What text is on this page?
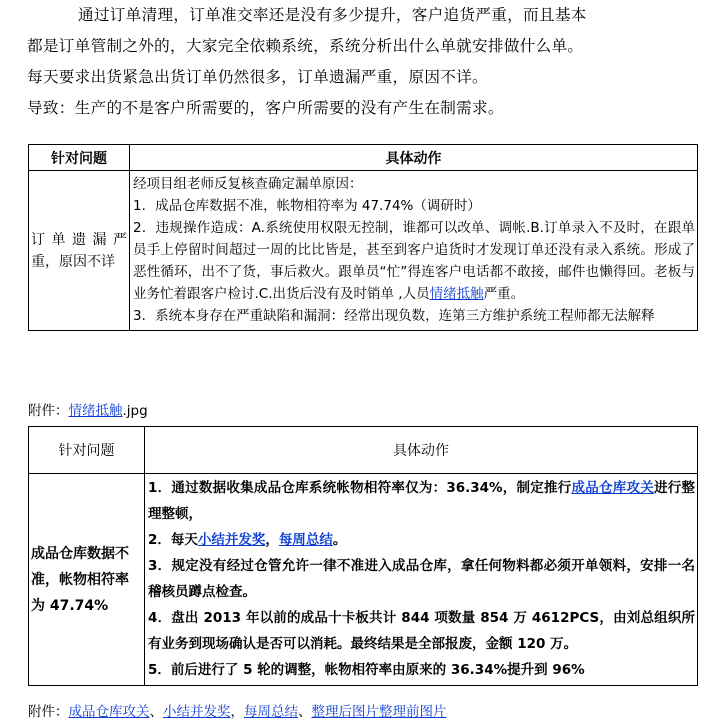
通过订单清理，订单准交率还是没有多少提升，客户追货严重，而且基本

都是订单管制之外的，大家完全依赖系统，系统分析出什么单就安排做什么单。

每天要求出货紧急出货订单仍然很多，订单遗漏严重，原因不详。

导致：生产的不是客户所需要的，客户所需要的没有产生在制需求。

针对问题	具体动作
订单遗漏严重，原因不详	经项目组老师反复核查确定漏单原因：
1．成品仓库数据不准，帐物相符率为 47.74%（调研时）
2．违规操作造成：A.系统使用权限无控制，谁都可以改单、调帐.B.订单录入不及时，在跟单员手上停留时间超过一周的比比皆是，甚至到客户追货时才发现订单还没有录入系统。形成了恶性循环，出不了货，事后救火。跟单员“忙”得连客户电话都不敢接，邮件也懒得回。老板与业务忙着跟客户检讨.C.出货后没有及时销单 ,人员情绪抵触严重。
3．系统本身存在严重缺陷和漏洞：经常出现负数，连第三方维护系统工程师都无法解释
附件：情绪抵触.jpg
针对问题	具体动作
成品仓库数据不准，帐物相符率为 47.74%	1．通过数据收集成品仓库系统帐物相符率仅为：36.34%，制定推行成品仓库攻关进行整理整顿，
2．每天小结并发奖，每周总结。
3．规定没有经过仓管允许一律不准进入成品仓库，拿任何物料都必须开单领料，安排一名稽核员蹲点检查。
4．盘出 2013 年以前的成品十卡板共计 844 项数量 854 万 4612PCS，由刘总组织所有业务到现场确认是否可以消耗。最终结果是全部报废，金额 120 万。
5．前后进行了 5 轮的调整，帐物相符率由原来的 36.34%提升到 96%
附件：成品仓库攻关、小结并发奖，每周总结、整理后图片整理前图片
